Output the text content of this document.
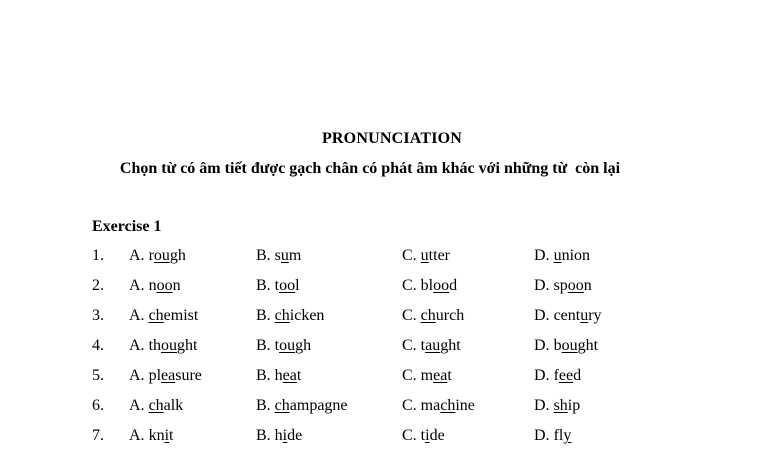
PRONUNCIATION
Chọn từ có âm tiết được gạch chân có phát âm khác với những từ  còn lại
Exercise 1
1. A. rough	B. sum	C. utter	D. union
2. A. noon	B. tool	C. blood	D. spoon
3. A. chemist	B. chicken	C. church	D. century
4. A. thought	B. tough	C. taught	D. bought
5. A. pleasure	B. heat	C. meat	D. feed
6. A. chalk	B. champagne	C. machine	D. ship
7. A. knit	B. hide	C. tide	D. fly
